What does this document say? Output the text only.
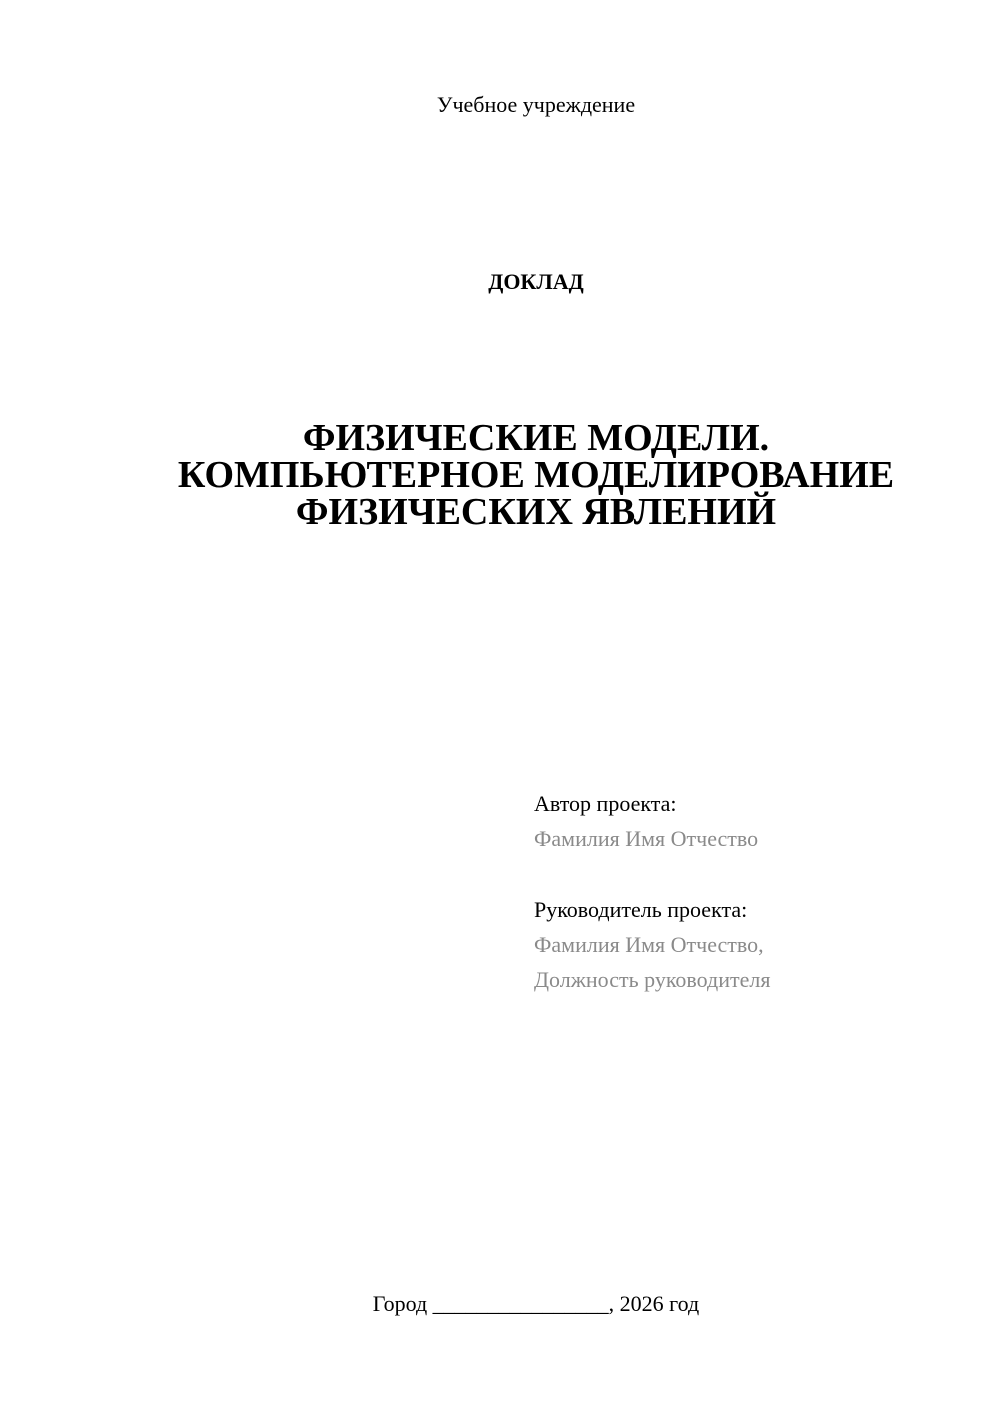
Учебное учреждение
ДОКЛАД
ФИЗИЧЕСКИЕ МОДЕЛИ.
КОМПЬЮТЕРНОЕ МОДЕЛИРОВАНИЕ
ФИЗИЧЕСКИХ ЯВЛЕНИЙ
Автор проекта:
Фамилия Имя Отчество
Руководитель проекта:
Фамилия Имя Отчество,
Должность руководителя
Город ________________, 2026 год
